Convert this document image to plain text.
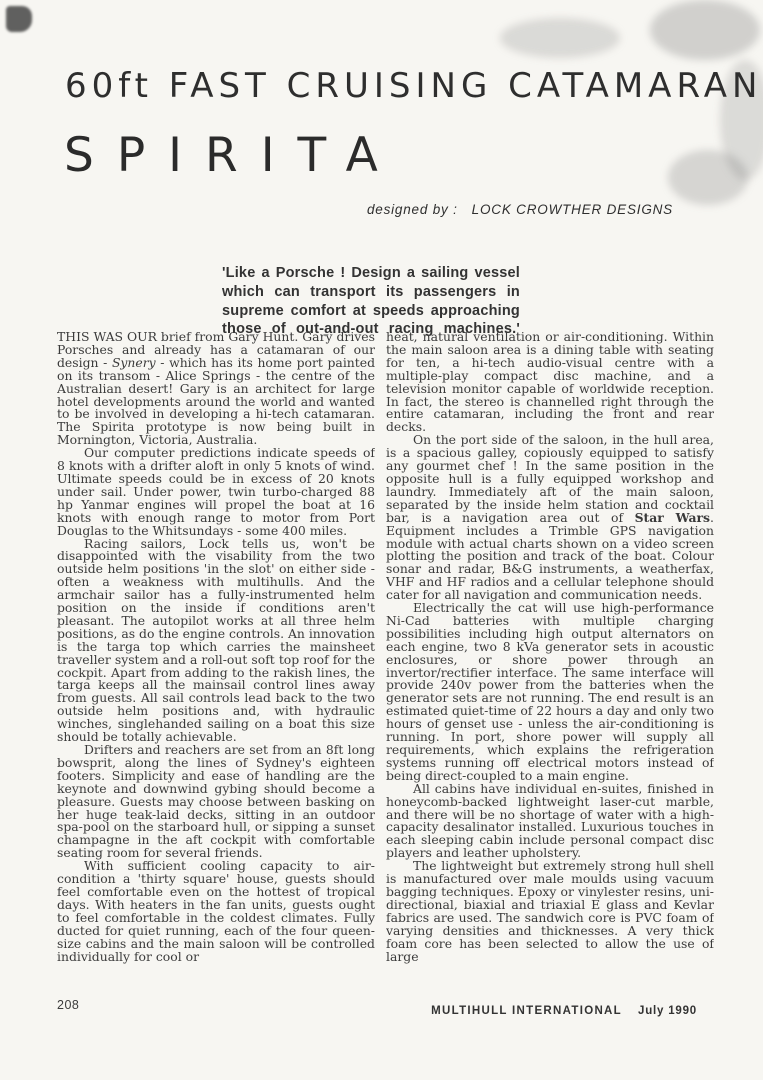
60ft FAST CRUISING CATAMARAN
SPIRITA
designed by : LOCK CROWTHER DESIGNS
'Like a Porsche ! Design a sailing vessel which can transport its passengers in supreme comfort at speeds approaching those of out-and-out racing machines.'

THIS WAS OUR brief from Gary Hunt. Gary drives Porsches and already has a catamaran of our design - Synery - which has its home port painted on its transom - Alice Springs - the centre of the Australian desert! Gary is an architect for large hotel developments around the world and wanted to be involved in developing a hi-tech catamaran. The Spirita prototype is now being built in Mornington, Victoria, Australia.

Our computer predictions indicate speeds of 8 knots with a drifter aloft in only 5 knots of wind. Ultimate speeds could be in excess of 20 knots under sail. Under power, twin turbo-charged 88 hp Yanmar engines will propel the boat at 16 knots with enough range to motor from Port Douglas to the Whitsundays - some 400 miles.

Racing sailors, Lock tells us, won't be disappointed with the visability from the two outside helm positions 'in the slot' on either side - often a weakness with multihulls. And the armchair sailor has a fully-instrumented helm position on the inside if conditions aren't pleasant. The autopilot works at all three helm positions, as do the engine controls. An innovation is the targa top which carries the mainsheet traveller system and a roll-out soft top roof for the cockpit. Apart from adding to the rakish lines, the targa keeps all the mainsail control lines away from guests. All sail controls lead back to the two outside helm positions and, with hydraulic winches, singlehanded sailing on a boat this size should be totally achievable.

Drifters and reachers are set from an 8ft long bowsprit, along the lines of Sydney's eighteen footers. Simplicity and ease of handling are the keynote and downwind gybing should become a pleasure. Guests may choose between basking on her huge teak-laid decks, sitting in an outdoor spa-pool on the starboard hull, or sipping a sunset champagne in the aft cockpit with comfortable seating room for several friends.

With sufficient cooling capacity to air-condition a 'thirty square' house, guests should feel comfortable even on the hottest of tropical days. With heaters in the fan units, guests ought to feel comfortable in the coldest climates. Fully ducted for quiet running, each of the four queen-size cabins and the main saloon will be controlled individually for cool or

heat, natural ventilation or air-conditioning. Within the main saloon area is a dining table with seating for ten, a hi-tech audio-visual centre with a multiple-play compact disc machine, and a television monitor capable of worldwide reception. In fact, the stereo is channelled right through the entire catamaran, including the front and rear decks.

On the port side of the saloon, in the hull area, is a spacious galley, copiously equipped to satisfy any gourmet chef ! In the same position in the opposite hull is a fully equipped workshop and laundry. Immediately aft of the main saloon, separated by the inside helm station and cocktail bar, is a navigation area out of Star Wars. Equipment includes a Trimble GPS navigation module with actual charts shown on a video screen plotting the position and track of the boat. Colour sonar and radar, B&G instruments, a weatherfax, VHF and HF radios and a cellular telephone should cater for all navigation and communication needs.

Electrically the cat will use high-performance Ni-Cad batteries with multiple charging possibilities including high output alternators on each engine, two 8 kVa generator sets in acoustic enclosures, or shore power through an invertor/rectifier interface. The same interface will provide 240v power from the batteries when the generator sets are not running. The end result is an estimated quiet-time of 22 hours a day and only two hours of genset use - unless the air-conditioning is running. In port, shore power will supply all requirements, which explains the refrigeration systems running off electrical motors instead of being direct-coupled to a main engine.

All cabins have individual en-suites, finished in honeycomb-backed lightweight laser-cut marble, and there will be no shortage of water with a high-capacity desalinator installed. Luxurious touches in each sleeping cabin include personal compact disc players and leather upholstery.

The lightweight but extremely strong hull shell is manufactured over male moulds using vacuum bagging techniques. Epoxy or vinylester resins, uni-directional, biaxial and triaxial E glass and Kevlar fabrics are used. The sandwich core is PVC foam of varying densities and thicknesses. A very thick foam core has been selected to allow the use of large

208	MULTIHULL INTERNATIONAL July 1990
